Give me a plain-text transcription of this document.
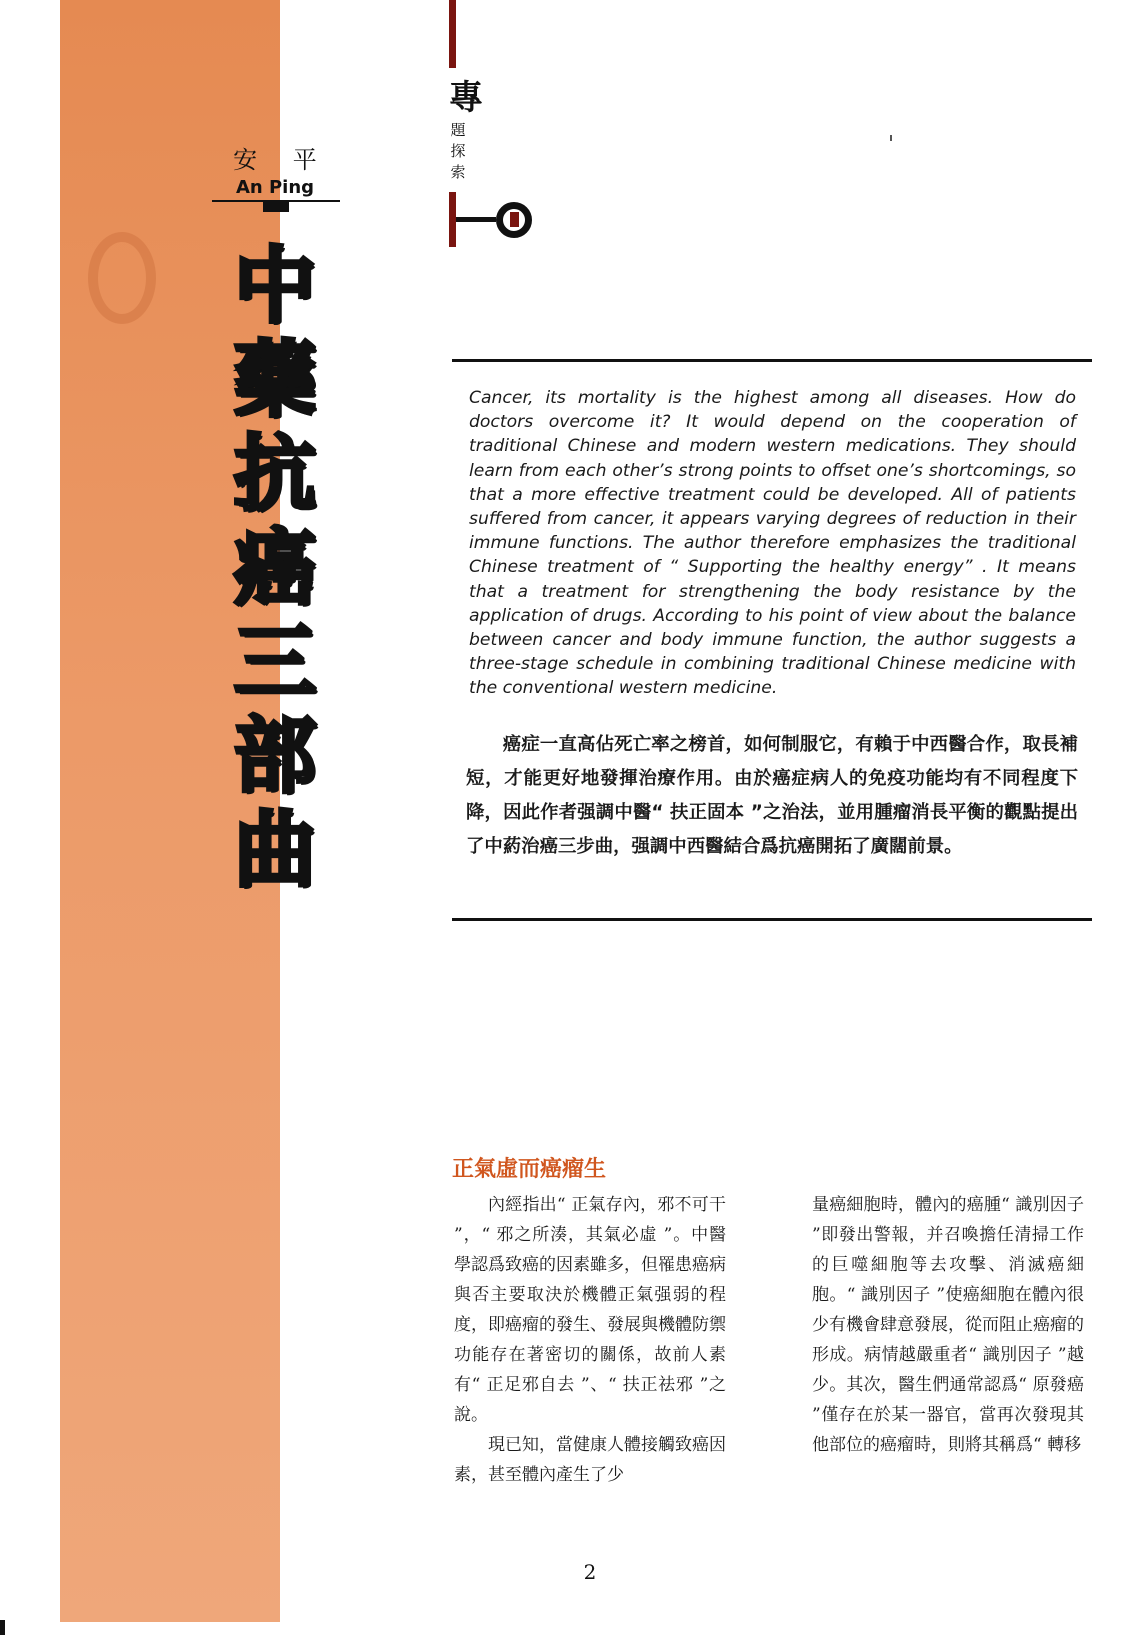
安 平
An Ping
中藥抗癌三部曲
專
題探索
Cancer, its mortality is the highest among all diseases. How do doctors overcome it? It would depend on the cooperation of traditional Chinese and modern western medications. They should learn from each other’s strong points to offset one’s shortcomings, so that a more effective treatment could be developed. All of patients suffered from cancer, it appears varying degrees of reduction in their immune functions. The author therefore emphasizes the traditional Chinese treatment of “ Supporting the healthy energy” . It means that a treatment for strengthening the body resistance by the application of drugs. According to his point of view about the balance between cancer and body immune function, the author suggests a three-stage schedule in combining traditional Chinese medicine with the conventional western medicine.
癌症一直高佔死亡率之榜首，如何制服它，有賴于中西醫合作，取長補短，才能更好地發揮治療作用。由於癌症病人的免疫功能均有不同程度下降，因此作者强調中醫“ 扶正固本 ”之治法，並用腫瘤消長平衡的觀點提出了中葯治癌三步曲，强調中西醫結合爲抗癌開拓了廣闊前景。
正氣虛而癌瘤生

內經指出“ 正氣存內，邪不可干 ”，“ 邪之所湊，其氣必虛 ”。中醫學認爲致癌的因素雖多，但罹患癌病與否主要取決於機體正氣强弱的程度，即癌瘤的發生、發展與機體防禦功能存在著密切的關係，故前人素有“ 正足邪自去 ”、“ 扶正祛邪 ”之說。

現已知，當健康人體接觸致癌因素，甚至體內產生了少

量癌細胞時，體內的癌腫“ 識別因子 ”即發出警報，并召喚擔任清掃工作的巨噬細胞等去攻擊、消滅癌細胞。“ 識別因子 ”使癌細胞在體內很少有機會肆意發展，從而阻止癌瘤的形成。病情越嚴重者“ 識別因子 ”越少。其次，醫生們通常認爲“ 原發癌 ”僅存在於某一器官，當再次發現其他部位的癌瘤時，則將其稱爲“ 轉移

2
